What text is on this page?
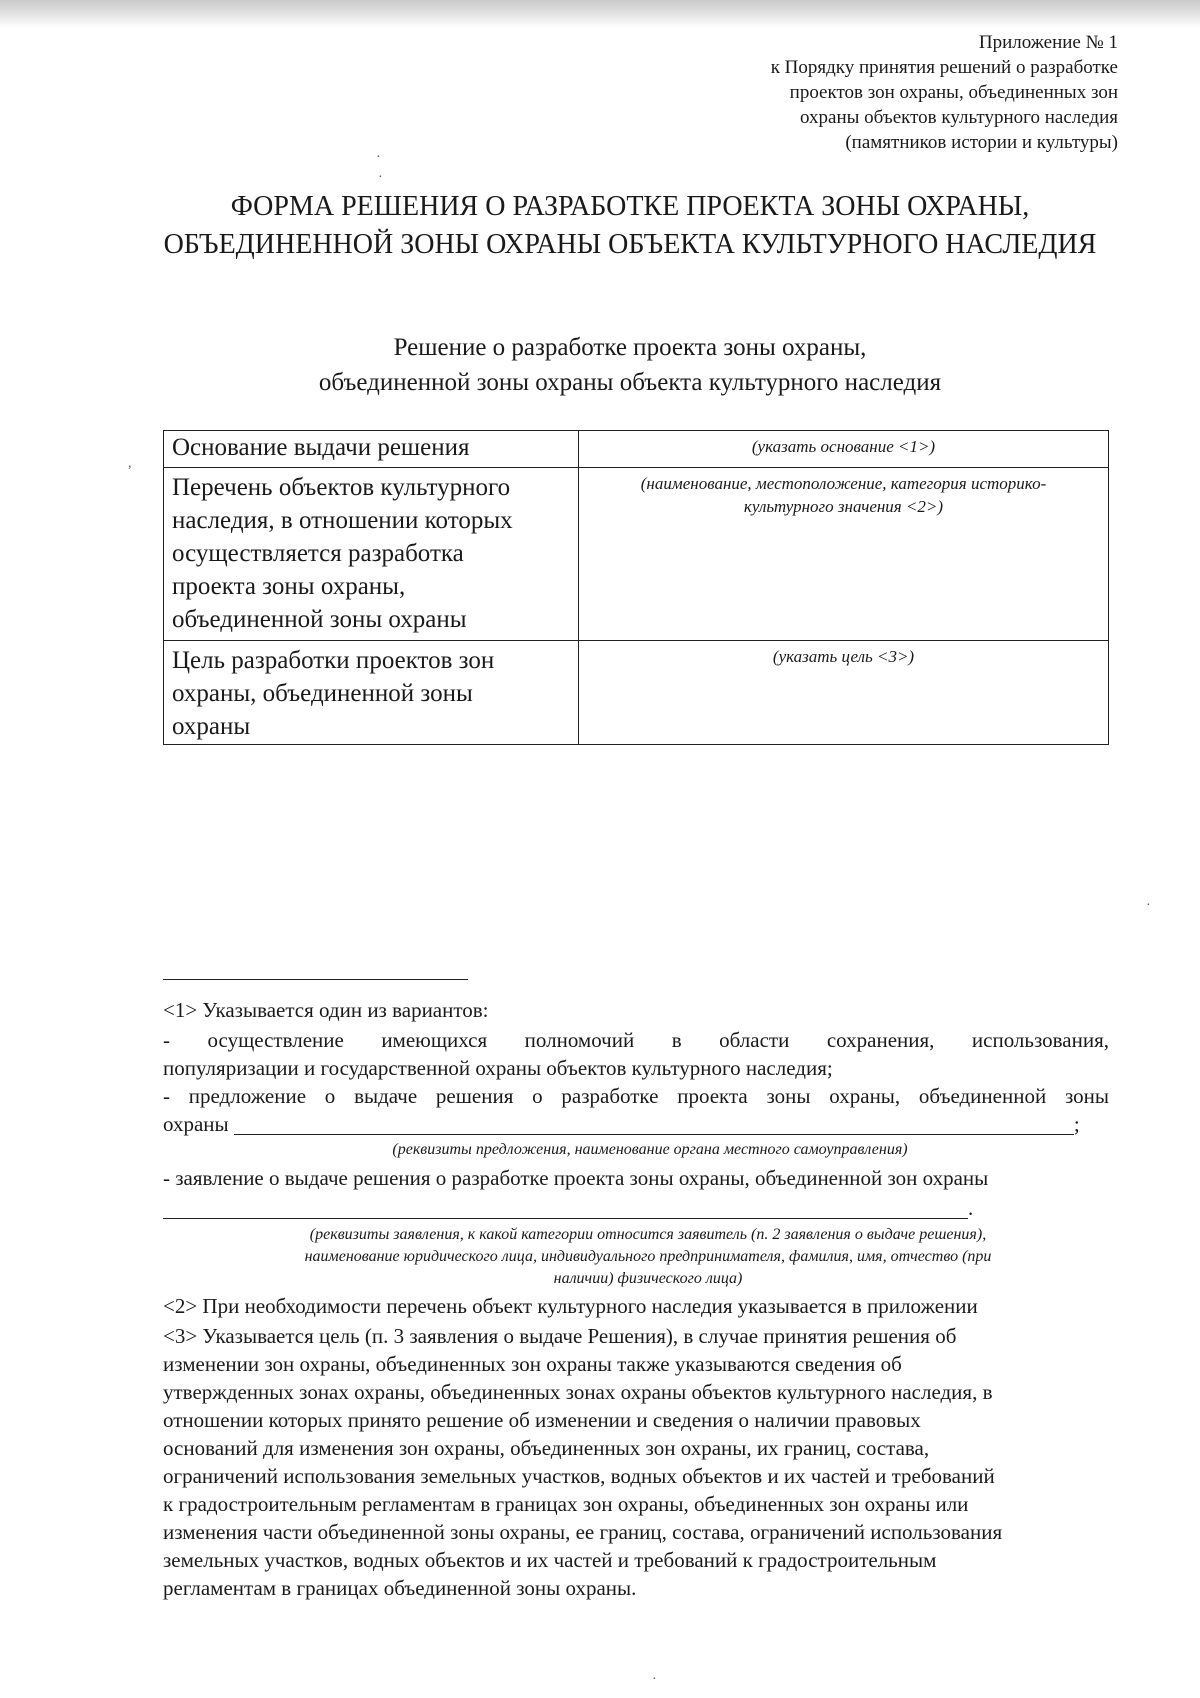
Приложение № 1
к Порядку принятия решений о разработке
проектов зон охраны, объединенных зон
охраны объектов культурного наследия
(памятников истории и культуры)
·
·
ФОРМА РЕШЕНИЯ О РАЗРАБОТКЕ ПРОЕКТА ЗОНЫ ОХРАНЫ,
ОБЪЕДИНЕННОЙ ЗОНЫ ОХРАНЫ ОБЪЕКТА КУЛЬТУРНОГО НАСЛЕДИЯ
Решение о разработке проекта зоны охраны,
объединенной зоны охраны объекта культурного наследия
,
Основание выдачи решения	(указать основание <1>)

Перечень объектов культурного
наследия, в отношении которых
осуществляется разработка
проекта зоны охраны,
объединенной зоны охраны	(наименование, местоположение, категория историко-культурного значения <2>)

Цель разработки проектов зон
охраны, объединенной зоны
охраны	(указать цель <3>)
·
<1> Указывается один из вариантов:
- осуществление имеющихся полномочий в области сохранения, использования,
популяризации и государственной охраны объектов культурного наследия;
- предложение о выдаче решения о разработке проекта зоны охраны, объединенной зоны
охраны	;
(реквизиты предложения, наименование органа местного самоуправления)
- заявление о выдаче решения о разработке проекта зоны охраны, объединенной зон охраны
.
(реквизиты заявления, к какой категории относится заявитель (п. 2 заявления о выдаче решения),
наименование юридического лица, индивидуального предпринимателя, фамилия, имя, отчество (при
наличии) физического лица)
<2> При необходимости перечень объект культурного наследия указывается в приложении
<3> Указывается цель (п. 3 заявления о выдаче Решения), в случае принятия решения об
изменении зон охраны, объединенных зон охраны также указываются сведения об
утвержденных зонах охраны, объединенных зонах охраны объектов культурного наследия, в
отношении которых принято решение об изменении и сведения о наличии правовых
оснований для изменения зон охраны, объединенных зон охраны, их границ, состава,
ограничений использования земельных участков, водных объектов и их частей и требований
к градостроительным регламентам в границах зон охраны, объединенных зон охраны или
изменения части объединенной зоны охраны, ее границ, состава, ограничений использования
земельных участков, водных объектов и их частей и требований к градостроительным
регламентам в границах объединенной зоны охраны.
·
